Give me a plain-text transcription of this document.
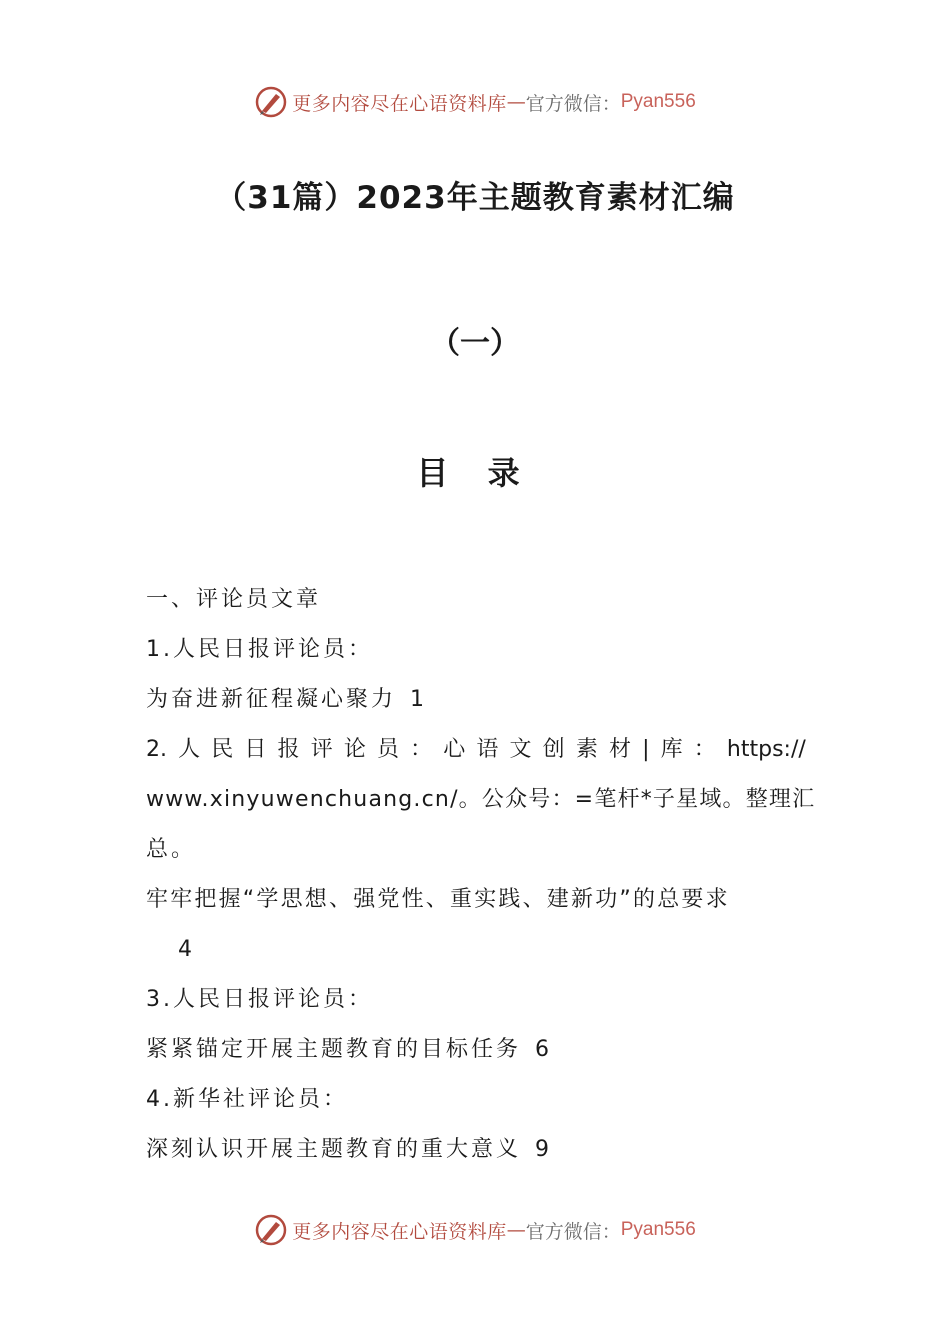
更多内容尽在心语资料库 — 官方微信： Pyan556
（31篇）2023年主题教育素材汇编
（一）
目 录
一、评论员文章
1.人民日报评论员：
为奋进新征程凝心聚力 1
2. 人 民 日 报 评 论 员 ： 心 语 文 创 素 材 | 库 ： https://
www.xinyuwenchuang.cn/。公众号：=笔杆*子星域。整理汇
总。
牢牢把握“学思想、强党性、重实践、建新功”的总要求
4
3.人民日报评论员：
紧紧锚定开展主题教育的目标任务 6
4.新华社评论员：
深刻认识开展主题教育的重大意义 9
更多内容尽在心语资料库 — 官方微信： Pyan556
